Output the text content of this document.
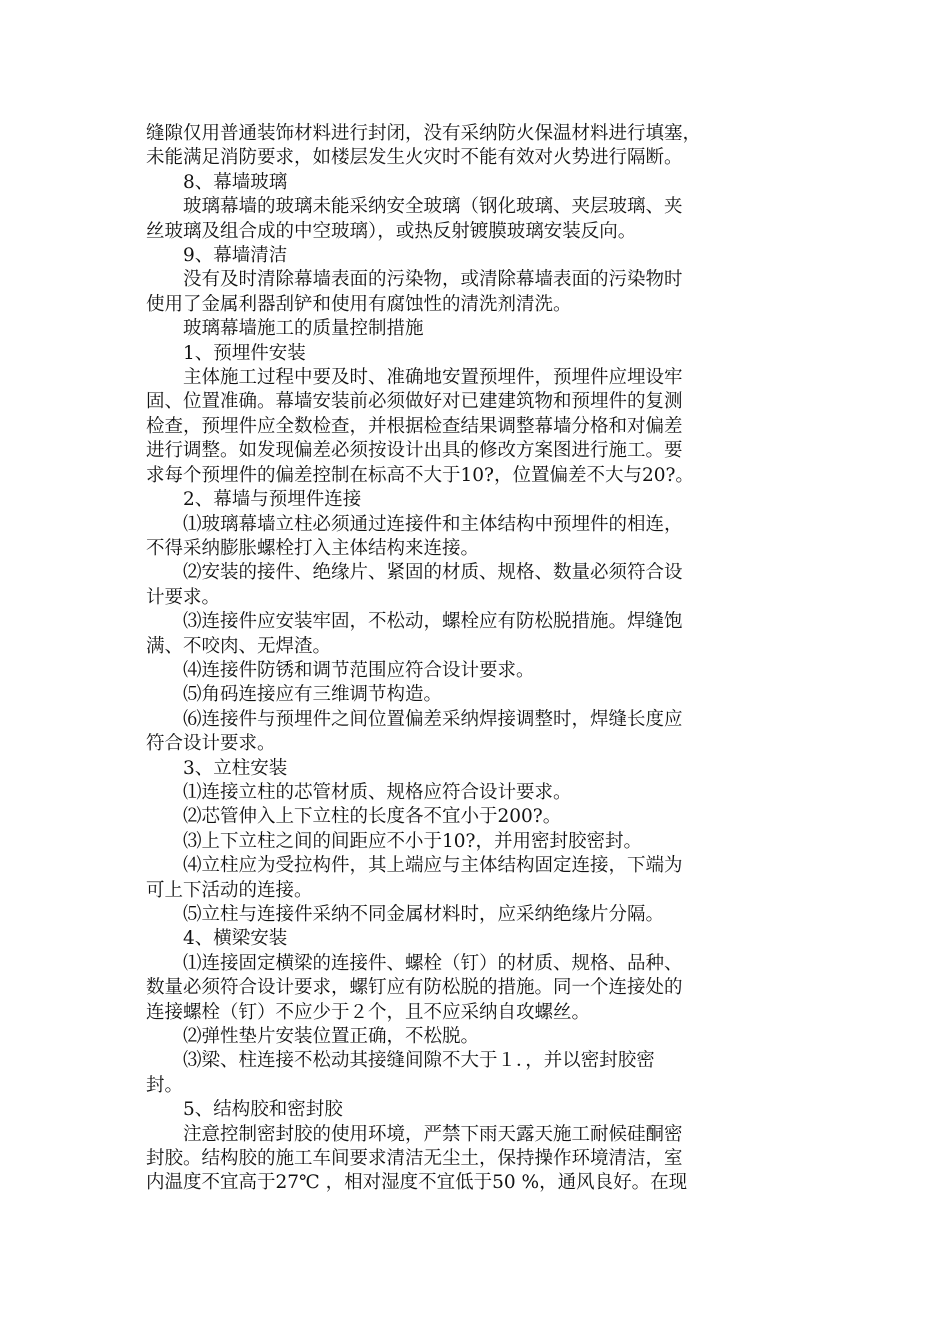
缝隙仅用普通装饰材料进行封闭，没有采纳防火保温材料进行填塞，

未能满足消防要求，如楼层发生火灾时不能有效对火势进行隔断。

8、幕墙玻璃

玻璃幕墙的玻璃未能采纳安全玻璃（钢化玻璃、夹层玻璃、夹

丝玻璃及组合成的中空玻璃），或热反射镀膜玻璃安装反向。

9、幕墙清洁

没有及时清除幕墙表面的污染物，或清除幕墙表面的污染物时

使用了金属利器刮铲和使用有腐蚀性的清洗剂清洗。

玻璃幕墙施工的质量控制措施

1、预埋件安装

主体施工过程中要及时、准确地安置预埋件，预埋件应埋设牢

固、位置准确。幕墙安装前必须做好对已建建筑物和预埋件的复测

检查，预埋件应全数检查，并根据检查结果调整幕墙分格和对偏差

进行调整。如发现偏差必须按设计出具的修改方案图进行施工。要

求每个预埋件的偏差控制在标高不大于10?，位置偏差不大与20?。

2、幕墙与预埋件连接

⑴玻璃幕墙立柱必须通过连接件和主体结构中预埋件的相连，

不得采纳膨胀螺栓打入主体结构来连接。

⑵安装的接件、绝缘片、紧固的材质、规格、数量必须符合设

计要求。

⑶连接件应安装牢固，不松动，螺栓应有防松脱措施。焊缝饱

满、不咬肉、无焊渣。

⑷连接件防锈和调节范围应符合设计要求。

⑸角码连接应有三维调节构造。

⑹连接件与预埋件之间位置偏差采纳焊接调整时，焊缝长度应

符合设计要求。

3、立柱安装

⑴连接立柱的芯管材质、规格应符合设计要求。

⑵芯管伸入上下立柱的长度各不宜小于200?。

⑶上下立柱之间的间距应不小于10?，并用密封胶密封。

⑷立柱应为受拉构件，其上端应与主体结构固定连接，下端为

可上下活动的连接。

⑸立柱与连接件采纳不同金属材料时，应采纳绝缘片分隔。

4、横梁安装

⑴连接固定横梁的连接件、螺栓（钉）的材质、规格、品种、

数量必须符合设计要求，螺钉应有防松脱的措施。同一个连接处的

连接螺栓（钉）不应少于２个，且不应采纳自攻螺丝。

⑵弹性垫片安装位置正确，不松脱。

⑶梁、柱连接不松动其接缝间隙不大于１．，并以密封胶密

封。

5、结构胶和密封胶

注意控制密封胶的使用环境，严禁下雨天露天施工耐候硅酮密

封胶。结构胶的施工车间要求清洁无尘土，保持操作环境清洁，室

内温度不宜高于27℃ ，相对湿度不宜低于50 %，通风良好。在现
